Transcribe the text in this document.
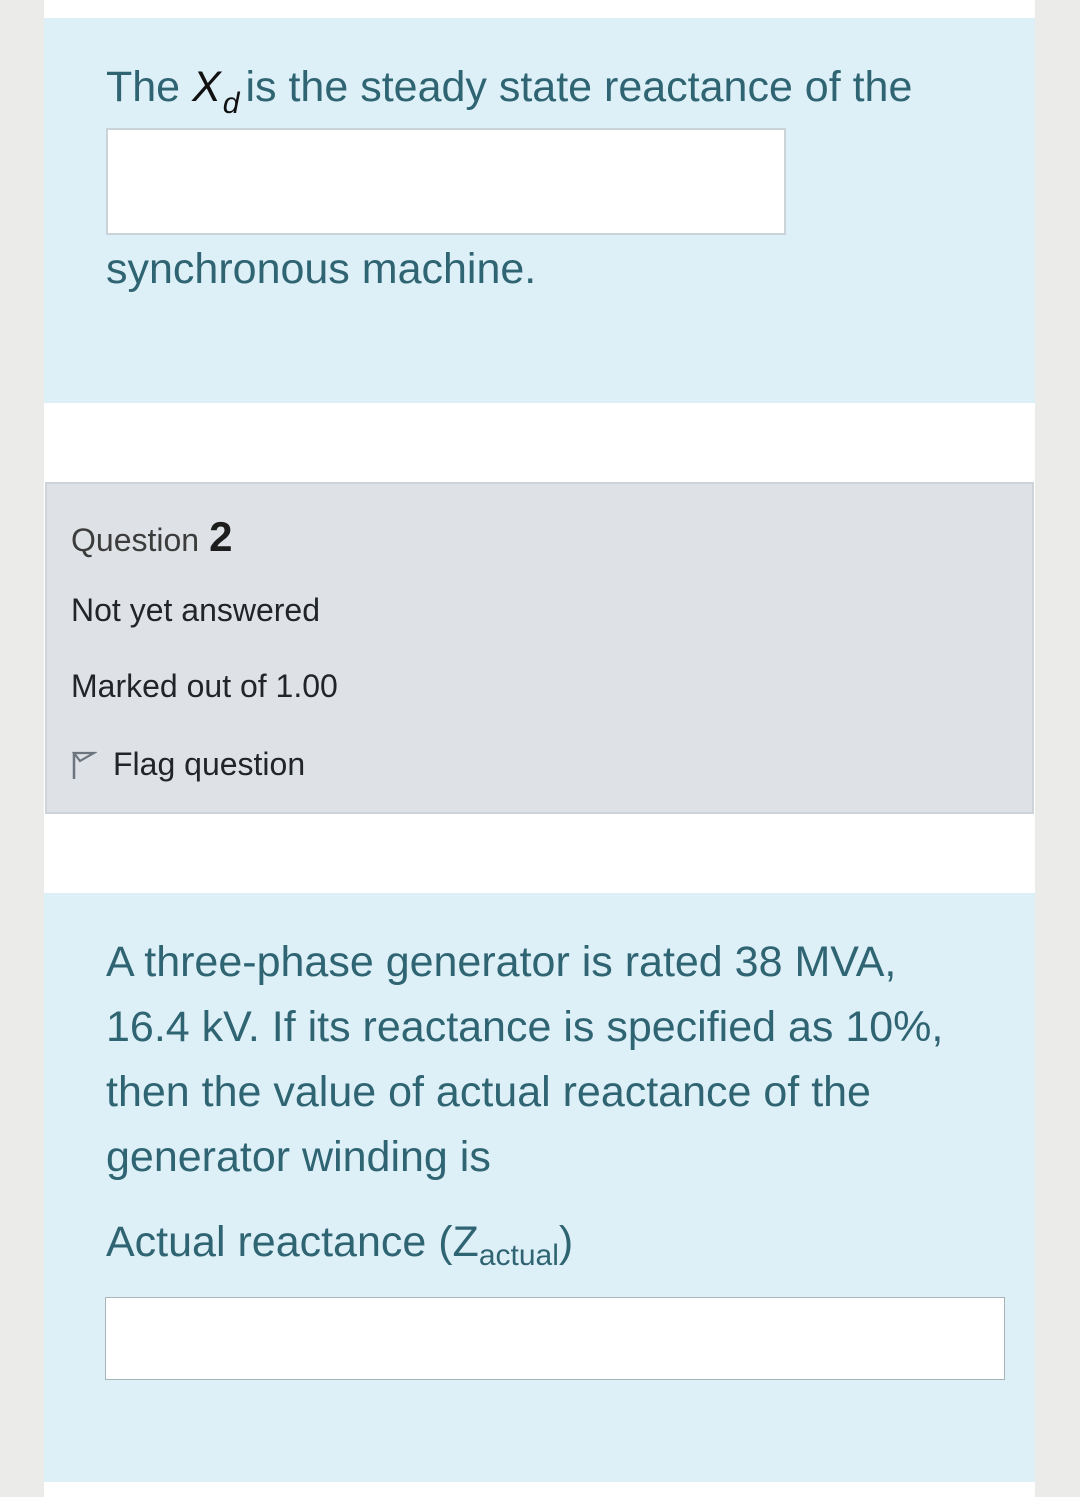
The $X_d$ is the steady state reactance of the
synchronous machine.
Question 2
Not yet answered
Marked out of 1.00
Flag question
A three-phase generator is rated 38 MVA,
16.4 kV. If its reactance is specified as 10%,
then the value of actual reactance of the
generator winding is
Actual reactance $(Z_{actual})$
